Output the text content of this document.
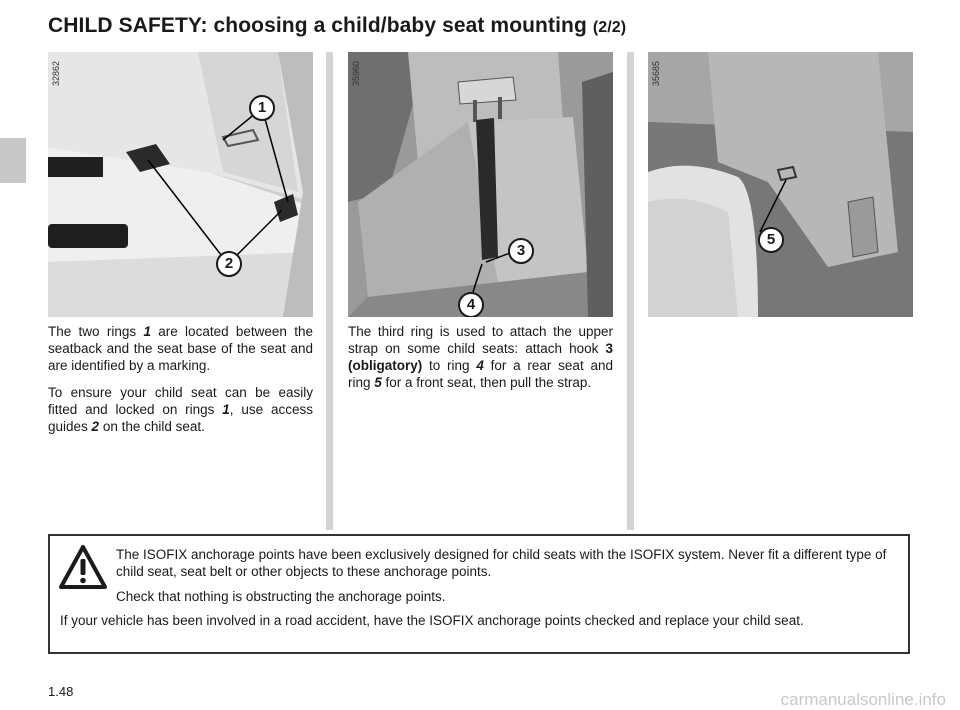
CHILD SAFETY: choosing a child/baby seat mounting (2/2)
32862
1
2
35960
3
4
35685
5

The two rings 1 are located between the seatback and the seat base of the seat and are identified by a marking.

To ensure your child seat can be easily fitted and locked on rings 1, use access guides 2 on the child seat.

The third ring is used to attach the upper strap on some child seats: attach hook 3 (obligatory) to ring 4 for a rear seat and ring 5 for a front seat, then pull the strap.

The ISOFIX anchorage points have been exclusively designed for child seats with the ISOFIX system. Never fit a different type of child seat, seat belt or other objects to these anchorage points.

Check that nothing is obstructing the anchorage points.

If your vehicle has been involved in a road accident, have the ISOFIX anchorage points checked and replace your child seat.

1.48	carmanualsonline.info
